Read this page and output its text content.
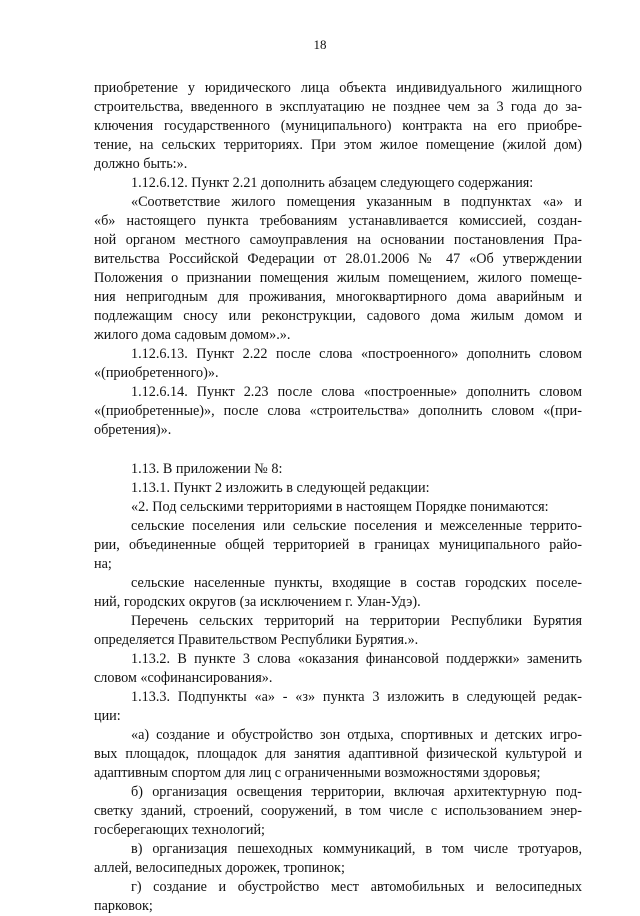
18
приобретение у юридического лица объекта индивидуального жилищного
строительства, введенного в эксплуатацию не позднее чем за 3 года до за-
ключения государственного (муниципального) контракта на его приобре-
тение, на сельских территориях. При этом жилое помещение (жилой дом)
должно быть:».
1.12.6.12. Пункт 2.21 дополнить абзацем следующего содержания:
«Соответствие жилого помещения указанным в подпунктах «а» и
«б» настоящего пункта требованиям устанавливается комиссией, создан-
ной органом местного самоуправления на основании постановления Пра-
вительства Российской Федерации от 28.01.2006 № 47 «Об утверждении
Положения о признании помещения жилым помещением, жилого помеще-
ния непригодным для проживания, многоквартирного дома аварийным и
подлежащим сносу или реконструкции, садового дома жилым домом и
жилого дома садовым домом».».
1.12.6.13. Пункт 2.22 после слова «построенного» дополнить словом
«(приобретенного)».
1.12.6.14. Пункт 2.23 после слова «построенные» дополнить словом
«(приобретенные)», после слова «строительства» дополнить словом «(при-
обретения)».
1.13. В приложении № 8:
1.13.1. Пункт 2 изложить в следующей редакции:
«2. Под сельскими территориями в настоящем Порядке понимаются:
сельские поселения или сельские поселения и межселенные террито-
рии, объединенные общей территорией в границах муниципального райо-
на;
сельские населенные пункты, входящие в состав городских поселе-
ний, городских округов (за исключением г. Улан-Удэ).
Перечень сельских территорий на территории Республики Бурятия
определяется Правительством Республики Бурятия.».
1.13.2. В пункте 3 слова «оказания финансовой поддержки» заменить
словом «софинансирования».
1.13.3. Подпункты «а» - «з» пункта 3 изложить в следующей редак-
ции:
«а) создание и обустройство зон отдыха, спортивных и детских игро-
вых площадок, площадок для занятия адаптивной физической культурой и
адаптивным спортом для лиц с ограниченными возможностями здоровья;
б) организация освещения территории, включая архитектурную под-
светку зданий, строений, сооружений, в том числе с использованием энер-
госберегающих технологий;
в) организация пешеходных коммуникаций, в том числе тротуаров,
аллей, велосипедных дорожек, тропинок;
г) создание и обустройство мест автомобильных и велосипедных
парковок;
